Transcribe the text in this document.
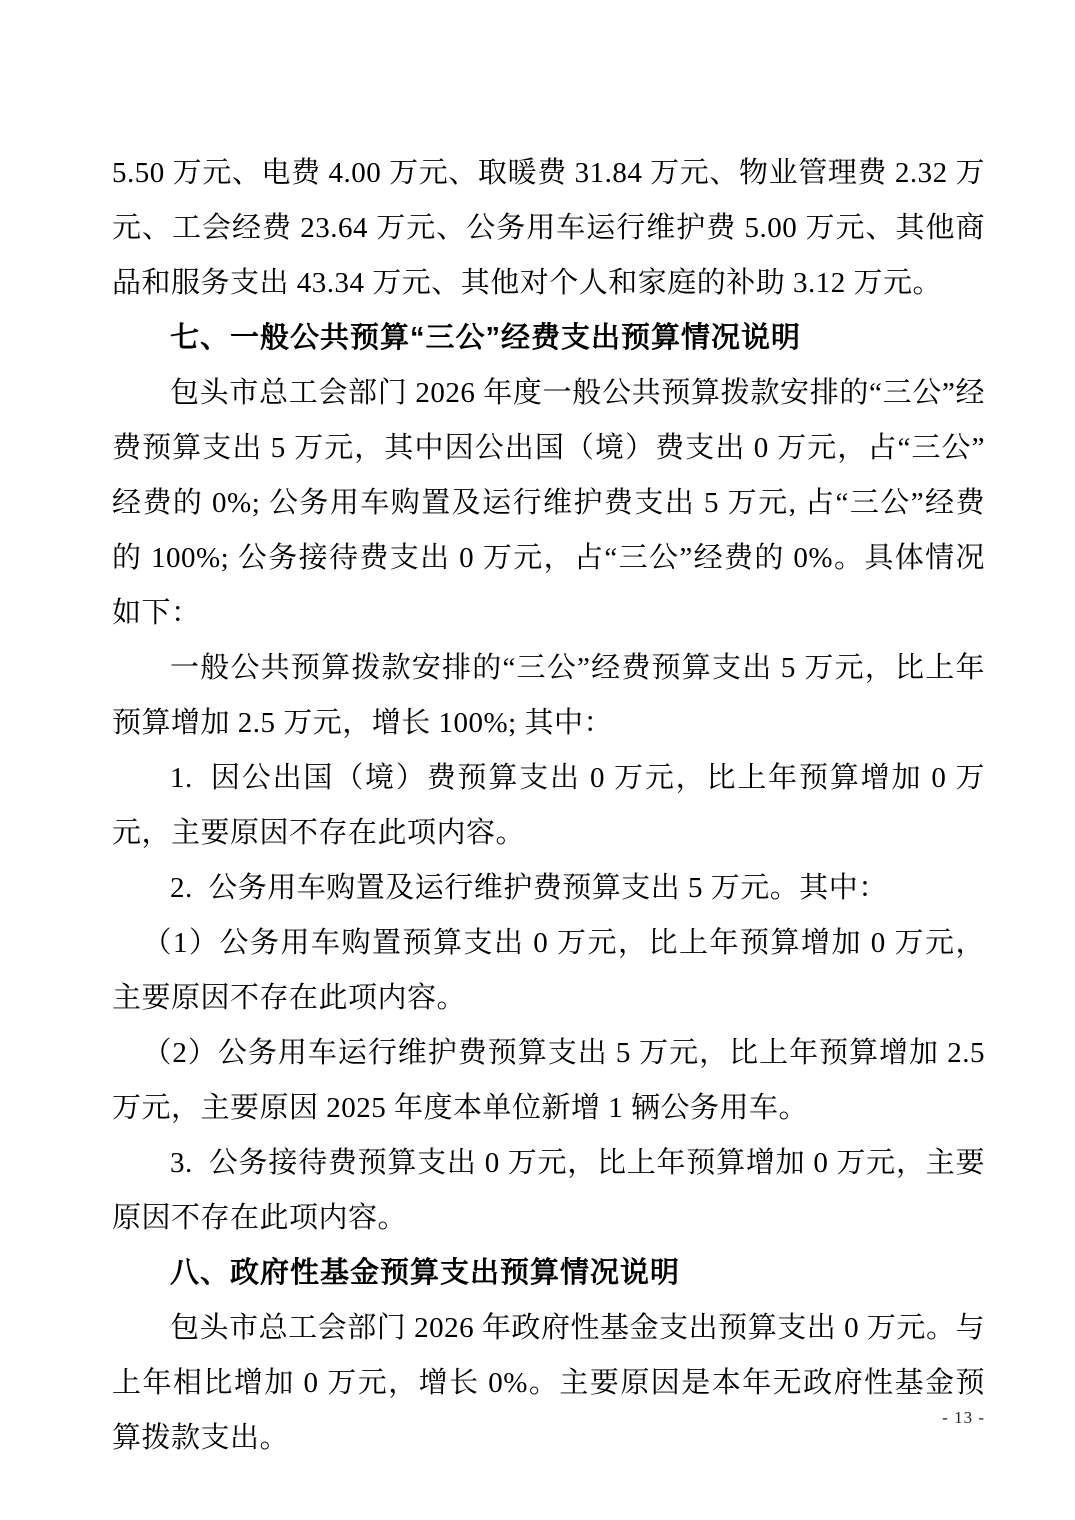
5.50 万元、电费 4.00 万元、取暖费 31.84 万元、物业管理费 2.32 万元、工会经费 23.64 万元、公务用车运行维护费 5.00 万元、其他商品和服务支出 43.34 万元、其他对个人和家庭的补助 3.12 万元。

七、一般公共预算“三公”经费支出预算情况说明

包头市总工会部门 2026 年度一般公共预算拨款安排的“三公”经费预算支出 5 万元，其中因公出国（境）费支出 0 万元，占“三公”经费的 0%; 公务用车购置及运行维护费支出 5 万元, 占“三公”经费的 100%; 公务接待费支出 0 万元，占“三公”经费的 0%。具体情况如下：

一般公共预算拨款安排的“三公”经费预算支出 5 万元，比上年预算增加 2.5 万元，增长 100%; 其中：

1.  因公出国（境）费预算支出 0 万元，比上年预算增加 0 万元，主要原因不存在此项内容。

2.  公务用车购置及运行维护费预算支出 5 万元。其中：

（1）公务用车购置预算支出 0 万元，比上年预算增加 0 万元，主要原因不存在此项内容。

（2）公务用车运行维护费预算支出 5 万元，比上年预算增加 2.5 万元，主要原因 2025 年度本单位新增 1 辆公务用车。

3.  公务接待费预算支出 0 万元，比上年预算增加 0 万元，主要原因不存在此项内容。

八、政府性基金预算支出预算情况说明

包头市总工会部门 2026 年政府性基金支出预算支出 0 万元。与上年相比增加 0 万元，增长 0%。主要原因是本年无政府性基金预算拨款支出。

- 13 -
